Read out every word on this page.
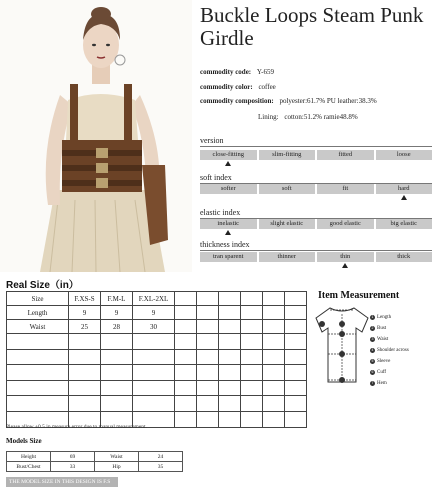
Buckle Loops Steam Punk Girdle
commodity code: Y-659
commodity color: coffee
commodity composition: polyester:61.7% PU leather:38.3%
Lining: cotton:51.2% ramie48.8%
version
close-fitting	slim-fitting	fitted	loose
soft index
softer	soft	fit	hard
elastic index
inelastic	slight elastic	good elastic	big elastic
thickness index
tran sparent	thinner	thin	thick
Real Size（in）
Size	F.XS-S	F.M-L	F.XL-2XL						
Length	9	9	9						
Waist	25	28	30						

Please allow ±0.5 in measure error due to manual measurement.
Item Measurement
1 Length
2 Bust
3 Waist
4 Shoulder across
5 Sleeve
6 Cuff
7 Hem
Models Size
Height	69	Waist	24
Bust/Chest	33	Hip	35
THE MODEL SIZE IN THIS DESIGN IS F.S
